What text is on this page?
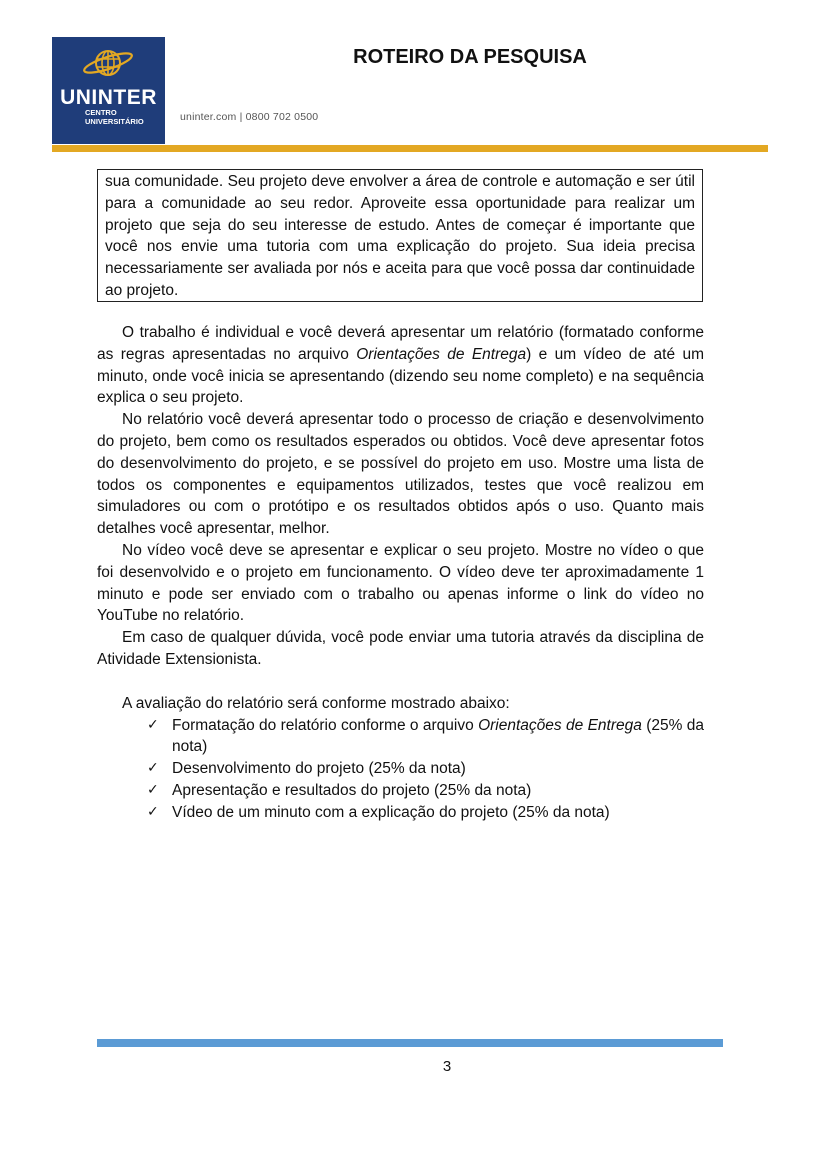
UNINTER
CENTRO
UNIVERSITÁRIO	uninter.com | 0800 702 0500
ROTEIRO DA PESQUISA
sua comunidade. Seu projeto deve envolver a área de controle e automação e ser útil para a comunidade ao seu redor. Aproveite essa oportunidade para realizar um projeto que seja do seu interesse de estudo. Antes de começar é importante que você nos envie uma tutoria com uma explicação do projeto. Sua ideia precisa necessariamente ser avaliada por nós e aceita para que você possa dar continuidade ao projeto.

O trabalho é individual e você deverá apresentar um relatório (formatado conforme as regras apresentadas no arquivo Orientações de Entrega) e um vídeo de até um minuto, onde você inicia se apresentando (dizendo seu nome completo) e na sequência explica o seu projeto.

No relatório você deverá apresentar todo o processo de criação e desenvolvimento do projeto, bem como os resultados esperados ou obtidos. Você deve apresentar fotos do desenvolvimento do projeto, e se possível do projeto em uso. Mostre uma lista de todos os componentes e equipamentos utilizados, testes que você realizou em simuladores ou com o protótipo e os resultados obtidos após o uso. Quanto mais detalhes você apresentar, melhor.

No vídeo você deve se apresentar e explicar o seu projeto. Mostre no vídeo o que foi desenvolvido e o projeto em funcionamento. O vídeo deve ter aproximadamente 1 minuto e pode ser enviado com o trabalho ou apenas informe o link do vídeo no YouTube no relatório.

Em caso de qualquer dúvida, você pode enviar uma tutoria através da disciplina de Atividade Extensionista.

A avaliação do relatório será conforme mostrado abaixo:

✓ Formatação do relatório conforme o arquivo Orientações de Entrega (25% da nota)
✓ Desenvolvimento do projeto (25% da nota)
✓ Apresentação e resultados do projeto (25% da nota)
✓ Vídeo de um minuto com a explicação do projeto (25% da nota)
3
